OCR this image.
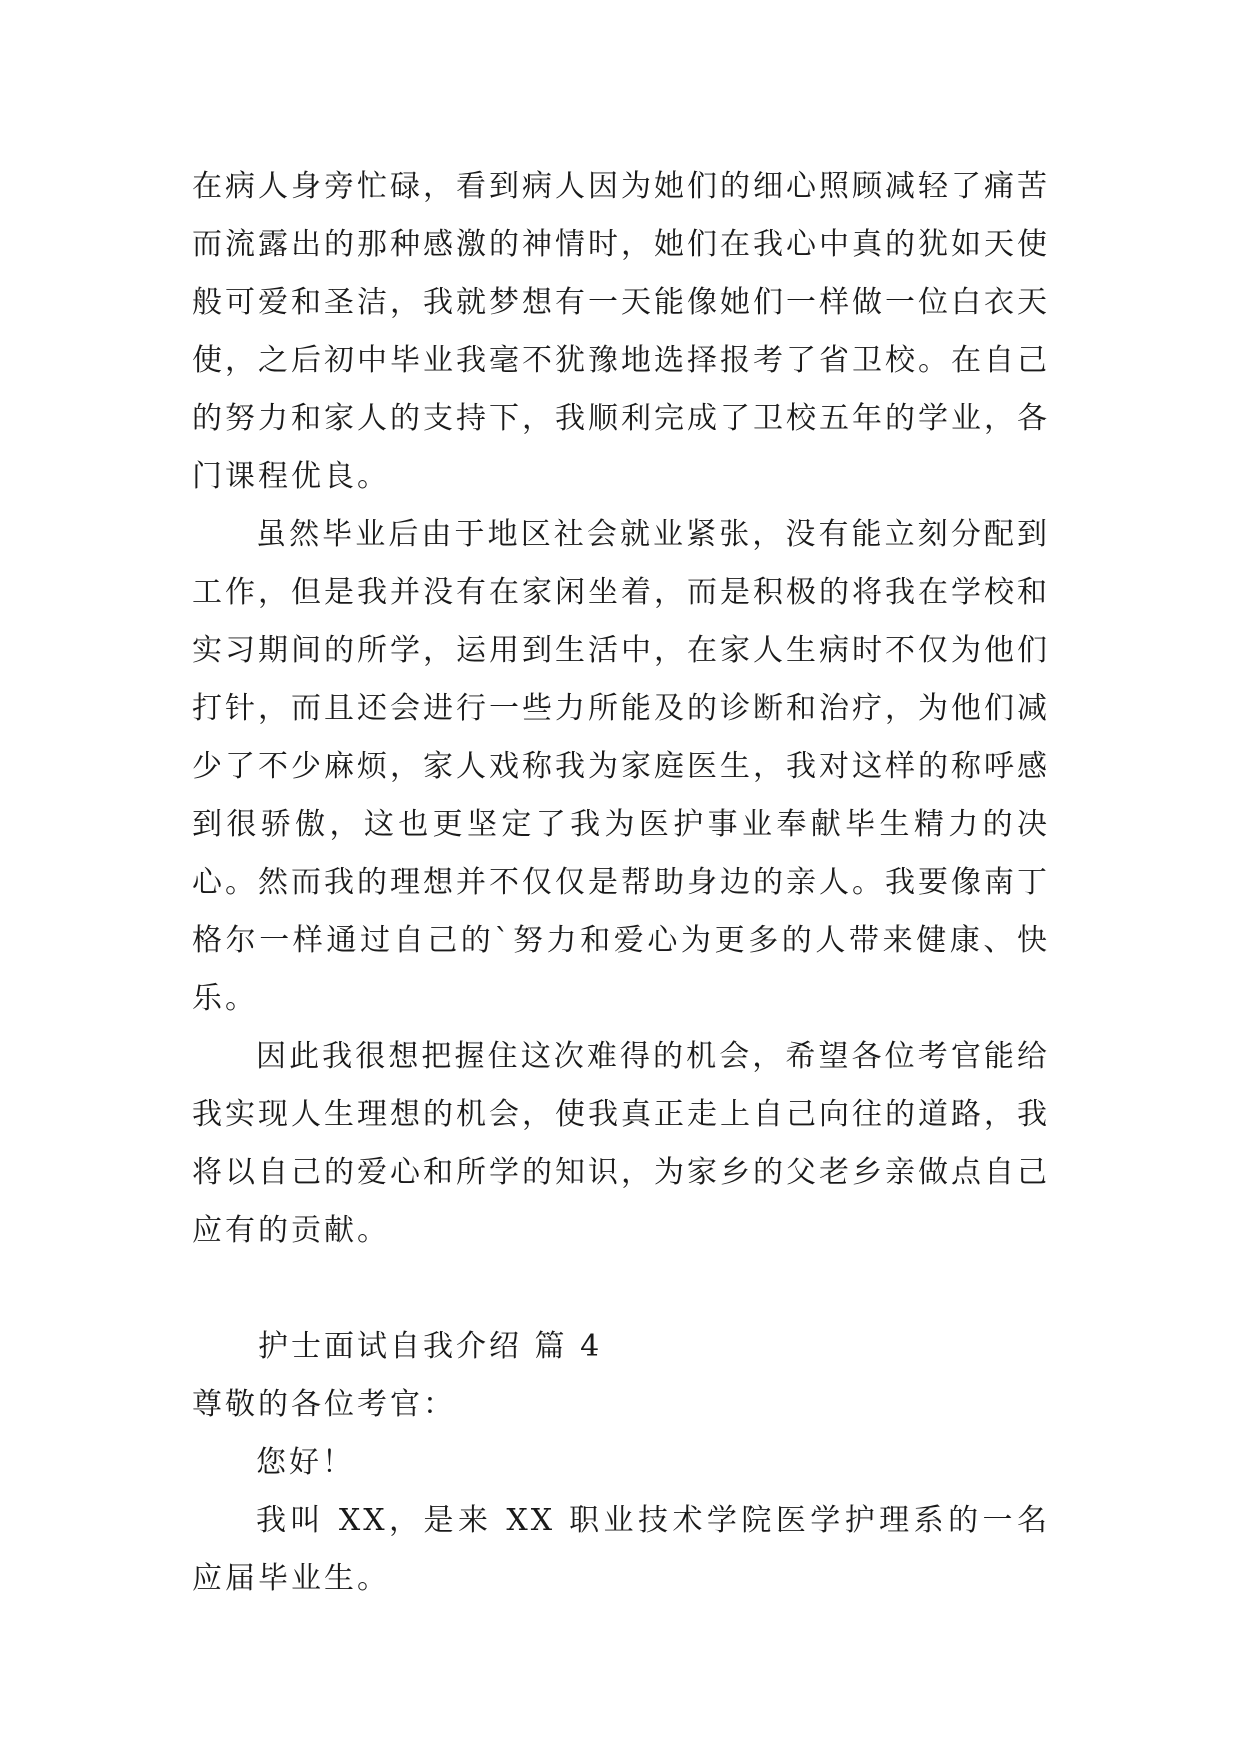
在病人身旁忙碌，看到病人因为她们的细心照顾减轻了痛苦而流露出的那种感激的神情时，她们在我心中真的犹如天使般可爱和圣洁，我就梦想有一天能像她们一样做一位白衣天使，之后初中毕业我毫不犹豫地选择报考了省卫校。在自己的努力和家人的支持下，我顺利完成了卫校五年的学业，各门课程优良。

虽然毕业后由于地区社会就业紧张，没有能立刻分配到工作，但是我并没有在家闲坐着，而是积极的将我在学校和实习期间的所学，运用到生活中，在家人生病时不仅为他们打针，而且还会进行一些力所能及的诊断和治疗，为他们减少了不少麻烦，家人戏称我为家庭医生，我对这样的称呼感到很骄傲，这也更坚定了我为医护事业奉献毕生精力的决心。然而我的理想并不仅仅是帮助身边的亲人。我要像南丁格尔一样通过自己的`努力和爱心为更多的人带来健康、快乐。

因此我很想把握住这次难得的机会，希望各位考官能给我实现人生理想的机会，使我真正走上自己向往的道路，我将以自己的爱心和所学的知识，为家乡的父老乡亲做点自己应有的贡献。

护士面试自我介绍 篇 4
尊敬的各位考官：
您好！

我叫 XX，是来 XX 职业技术学院医学护理系的一名应届毕业生。
